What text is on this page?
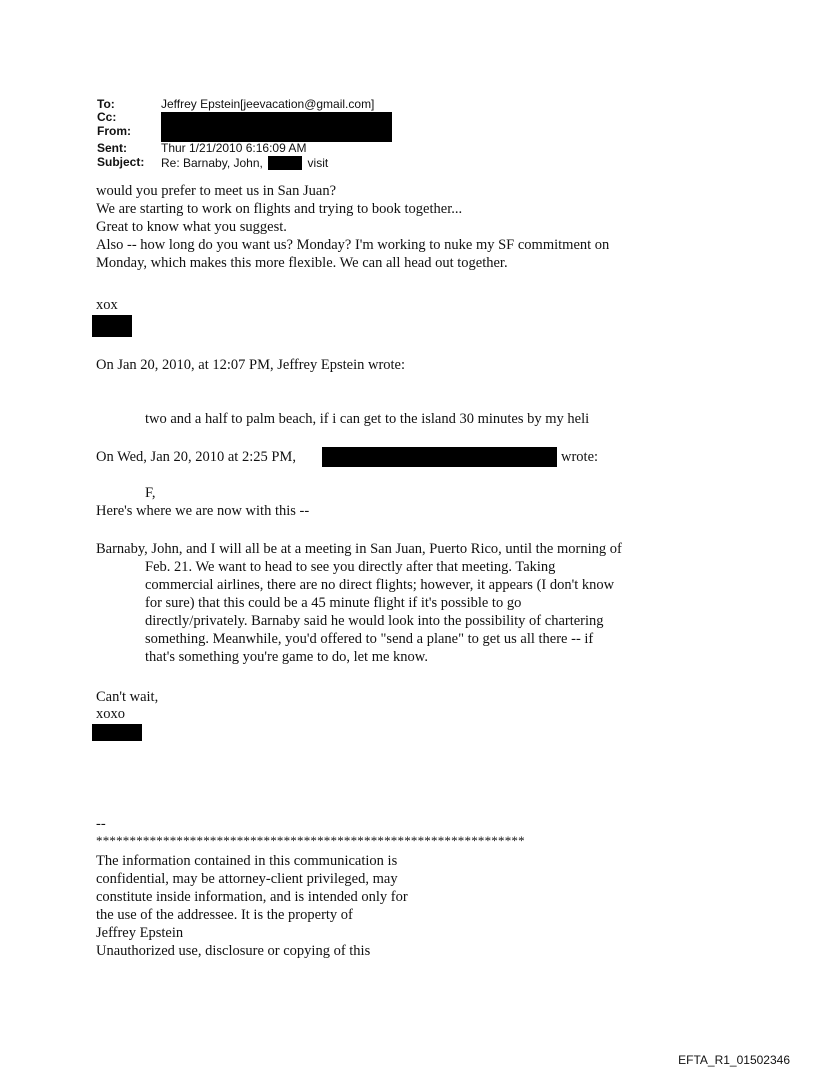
To:	Jeffrey Epstein[jeevacation@gmail.com]
Cc:
From:
Sent:	Thur 1/21/2010 6:16:09 AM
Subject: Re: Barnaby, John,	visit
would you prefer to meet us in San Juan?
We are starting to work on flights and trying to book together...
Great to know what you suggest.
Also -- how long do you want us? Monday? I'm working to nuke my SF commitment on
Monday, which makes this more flexible. We can all head out together.
xox
On Jan 20, 2010, at 12:07 PM, Jeffrey Epstein wrote:
two and a half to palm beach, if i can get to the island 30 minutes by my heli
On Wed, Jan 20, 2010 at 2:25 PM,	wrote:
F,
Here's where we are now with this --
Barnaby, John, and I will all be at a meeting in San Juan, Puerto Rico, until the morning of
Feb. 21. We want to head to see you directly after that meeting. Taking
commercial airlines, there are no direct flights; however, it appears (I don't know
for sure) that this could be a 45 minute flight if it's possible to go
directly/privately. Barnaby said he would look into the possibility of chartering
something. Meanwhile, you'd offered to "send a plane" to get us all there -- if
that's something you're game to do, let me know.
Can't wait,
xoxo
--
****************************************************************
The information contained in this communication is
confidential, may be attorney-client privileged, may
constitute inside information, and is intended only for
the use of the addressee. It is the property of
Jeffrey Epstein
Unauthorized use, disclosure or copying of this
EFTA_R1_01502346
